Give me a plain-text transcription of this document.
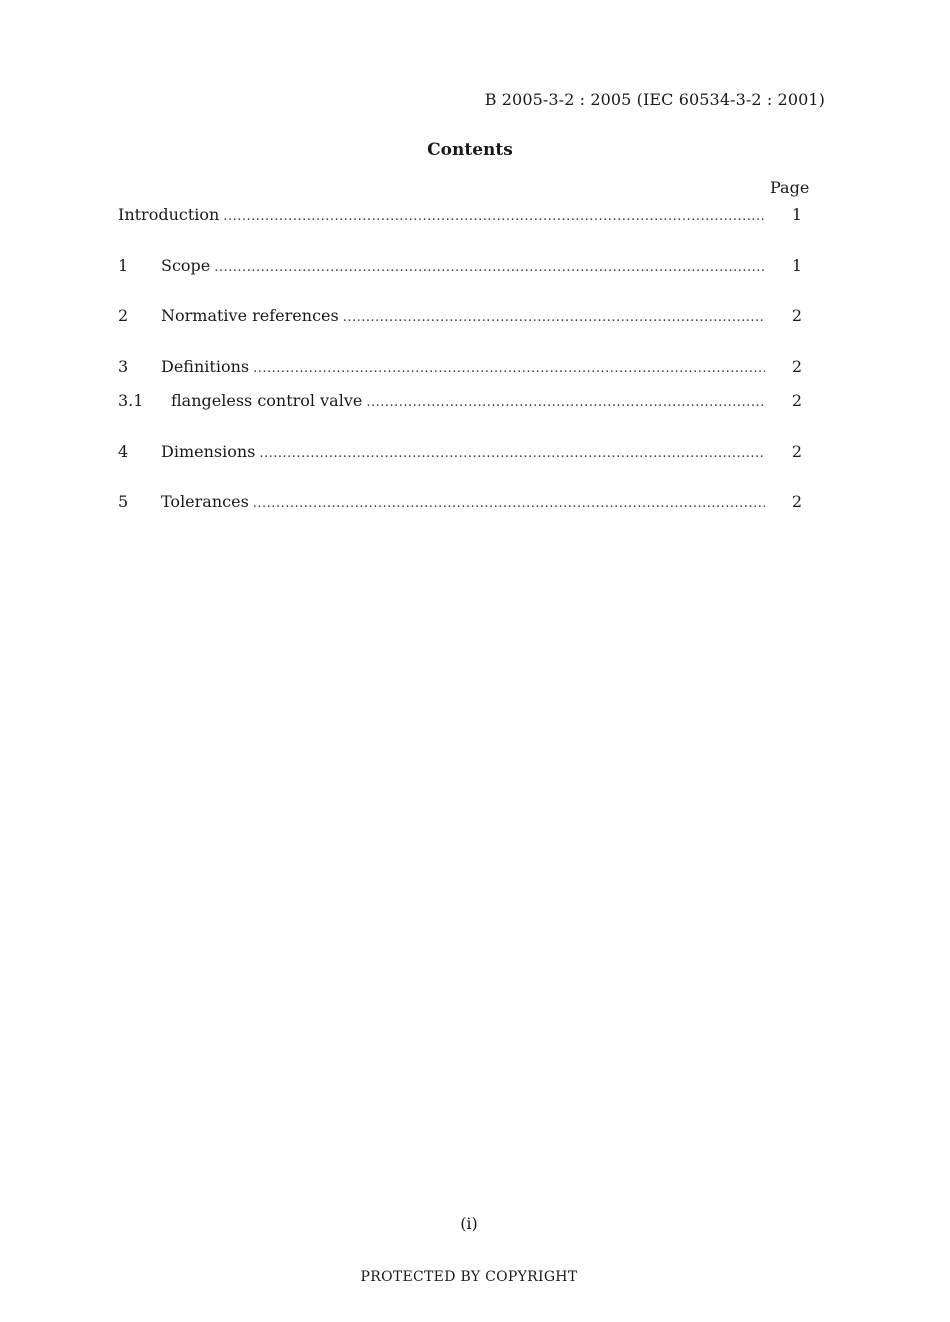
B 2005-3-2 : 2005 (IEC 60534-3-2 : 2001)
Contents
Page
Introduction .....	1
1 Scope .....	1
2 Normative references .....	2
3 Definitions .....	2
3.1 flangeless control valve .....	2
4 Dimensions .....	2
5 Tolerances .....	2
(i)
PROTECTED BY COPYRIGHT
